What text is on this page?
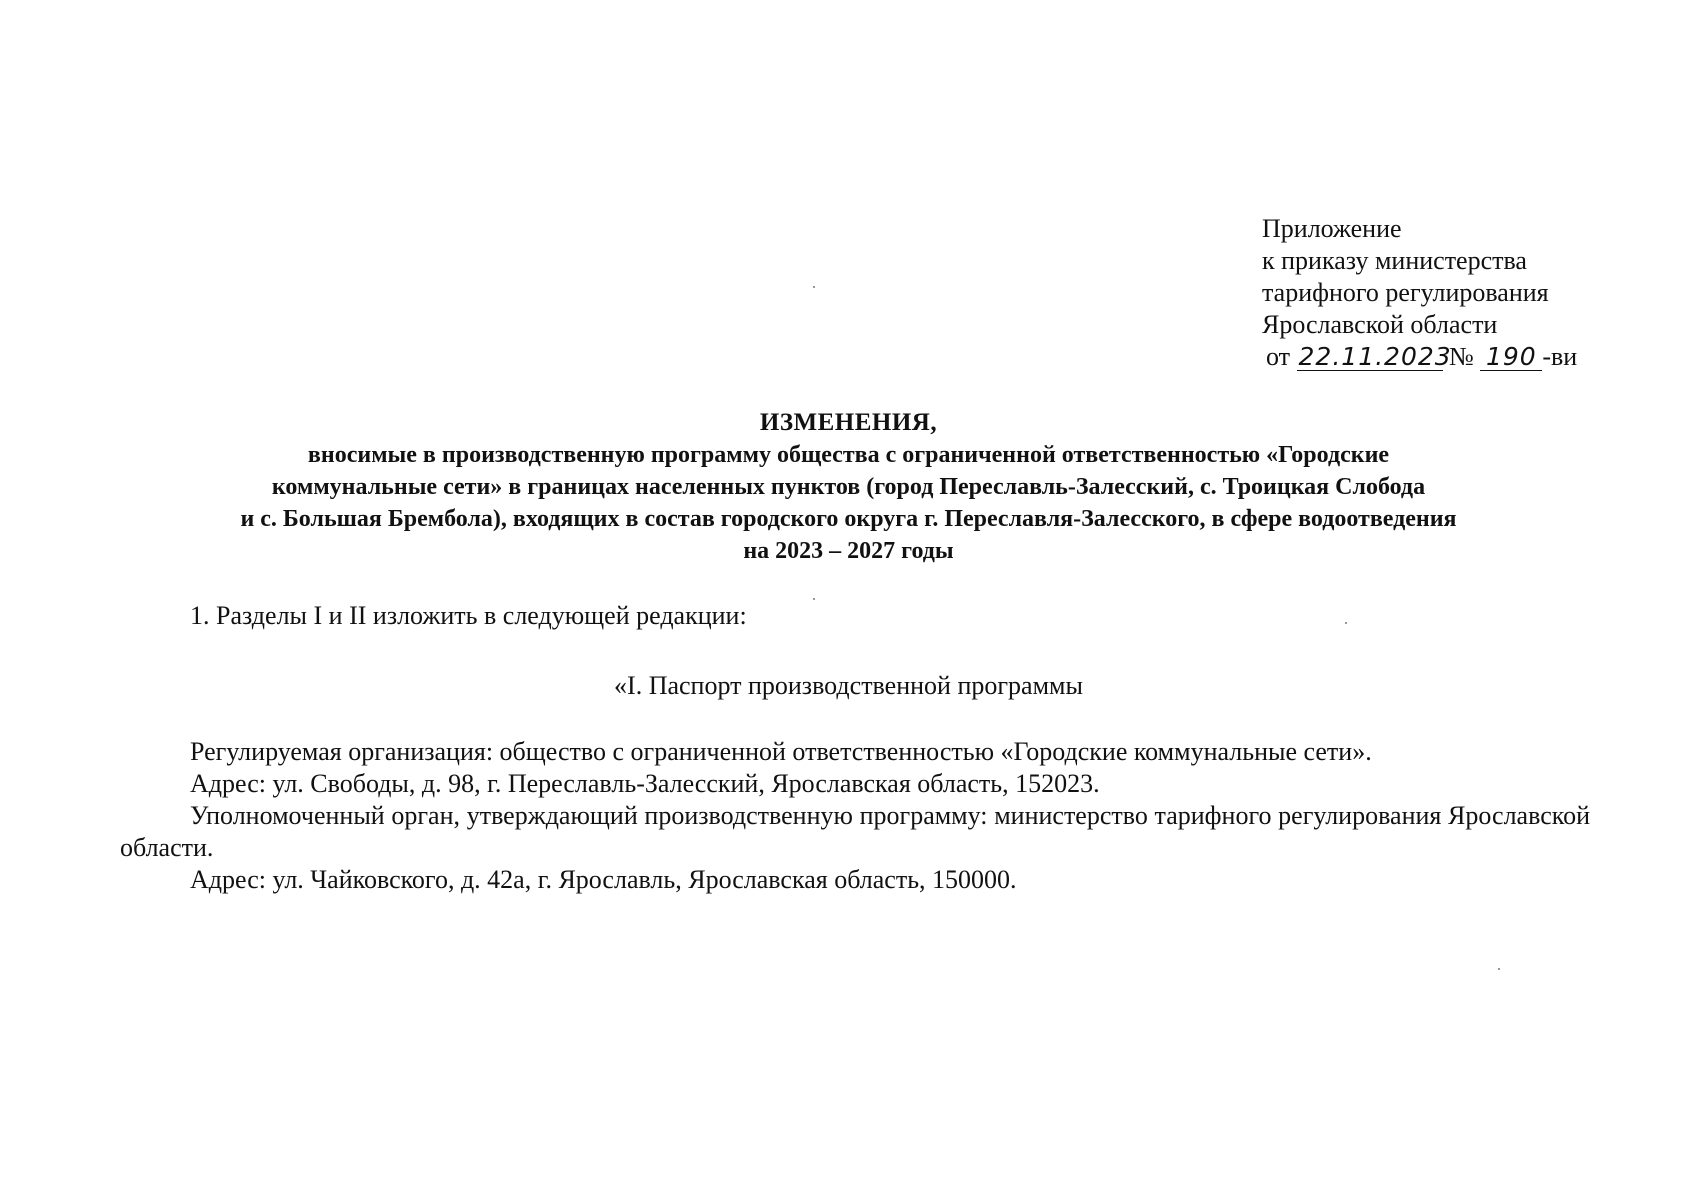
Приложение
к приказу министерства
тарифного регулирования
Ярославской области
от 22.11.2023 № 190 -ви
ИЗМЕНЕНИЯ,
вносимые в производственную программу общества с ограниченной ответственностью «Городские
коммунальные сети» в границах населенных пунктов (город Переславль-Залесский, с. Троицкая Слобода
и с. Большая Брембола), входящих в состав городского округа г. Переславля-Залесского, в сфере водоотведения
на 2023 – 2027 годы
1. Разделы I и II изложить в следующей редакции:
«I. Паспорт производственной программы
Регулируемая организация: общество с ограниченной ответственностью «Городские коммунальные сети».
Адрес: ул. Свободы, д. 98, г. Переславль-Залесский, Ярославская область, 152023.
Уполномоченный орган, утверждающий производственную программу: министерство тарифного регулирования Ярославской области.
Адрес: ул. Чайковского, д. 42а, г. Ярославль, Ярославская область, 150000.
